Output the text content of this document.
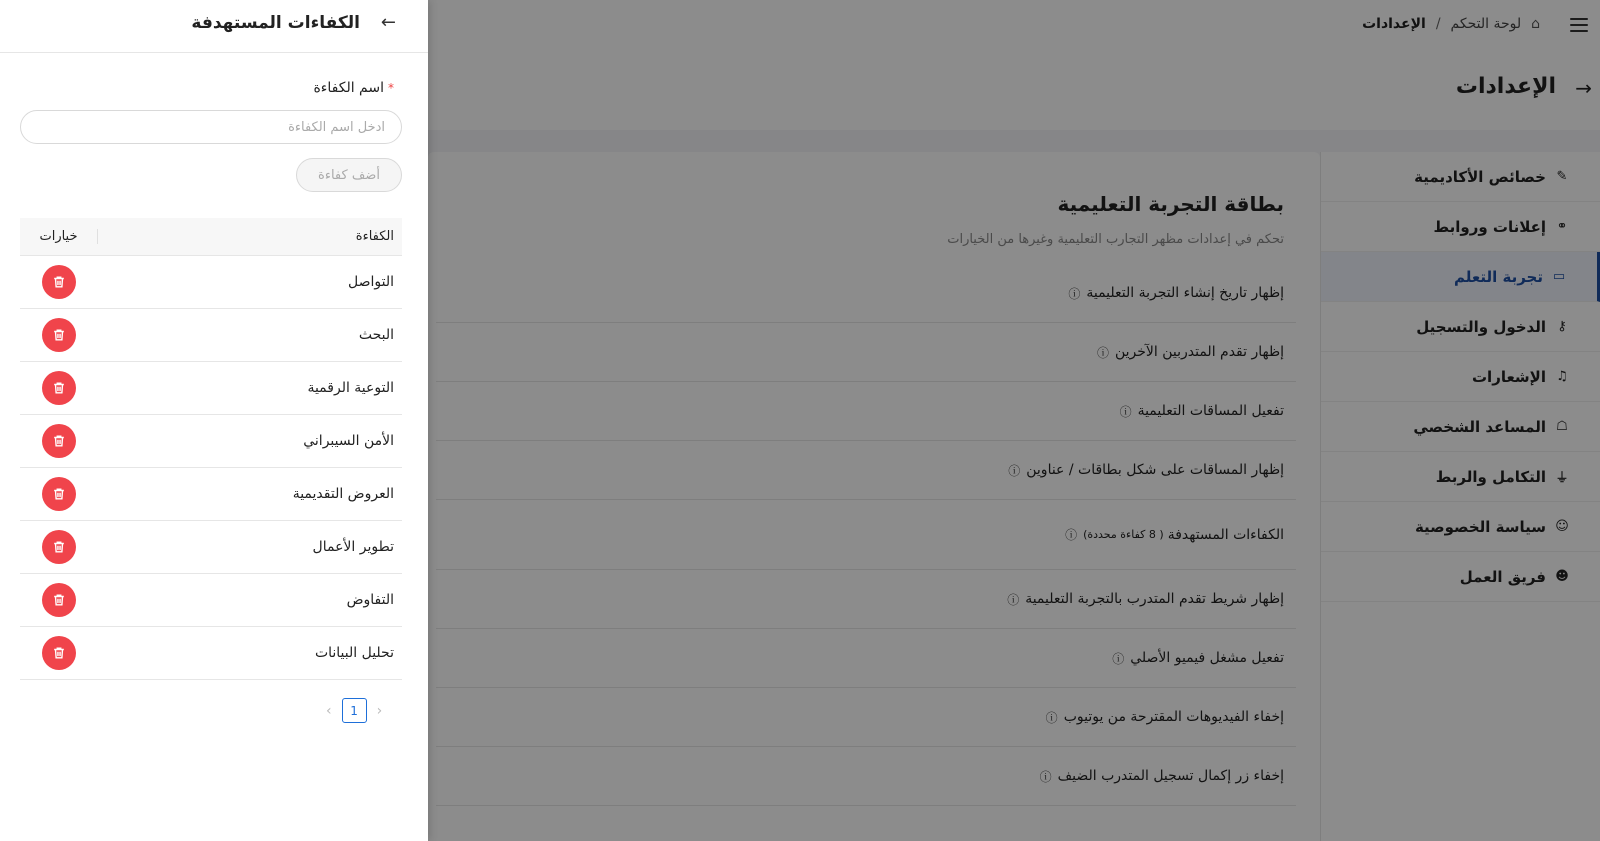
⌂
لوحة التحكم
/
الإعدادات
→
الإعدادات
بطاقة التجربة التعليمية
تحكم في إعدادات مظهر التجارب التعليمية وغيرها من الخيارات
إظهار تاريخ إنشاء التجربة التعليمية
ⓘ
إظهار تقدم المتدربين الآخرين
ⓘ
تفعيل المساقات التعليمية
ⓘ
إظهار المساقات على شكل بطاقات / عناوين
ⓘ
الكفاءات المستهدفة
( 8 كفاءة محددة)
ⓘ
إظهار شريط تقدم المتدرب بالتجربة التعليمية
ⓘ
تفعيل مشغل فيميو الأصلي
ⓘ
إخفاء الفيديوهات المقترحة من يوتيوب
ⓘ
إخفاء زر إكمال تسجيل المتدرب الضيف
ⓘ
✎
خصائص الأكاديمية
⚭
إعلانات وروابط
▭
تجربة التعلم
⚷
الدخول والتسجيل
♫
الإشعارات
☖
المساعد الشخصي
⏚
التكامل والربط
☺
سياسة الخصوصية
☻
فريق العمل
←
الكفاءات المستهدفة
*اسم الكفاءة
ادخل اسم الكفاءة
أضف كفاءة
الكفاءة
خيارات
التواصل
البحث
التوعية الرقمية
الأمن السيبراني
العروض التقديمية
تطوير الأعمال
التفاوض
تحليل البيانات
‹	1	›
